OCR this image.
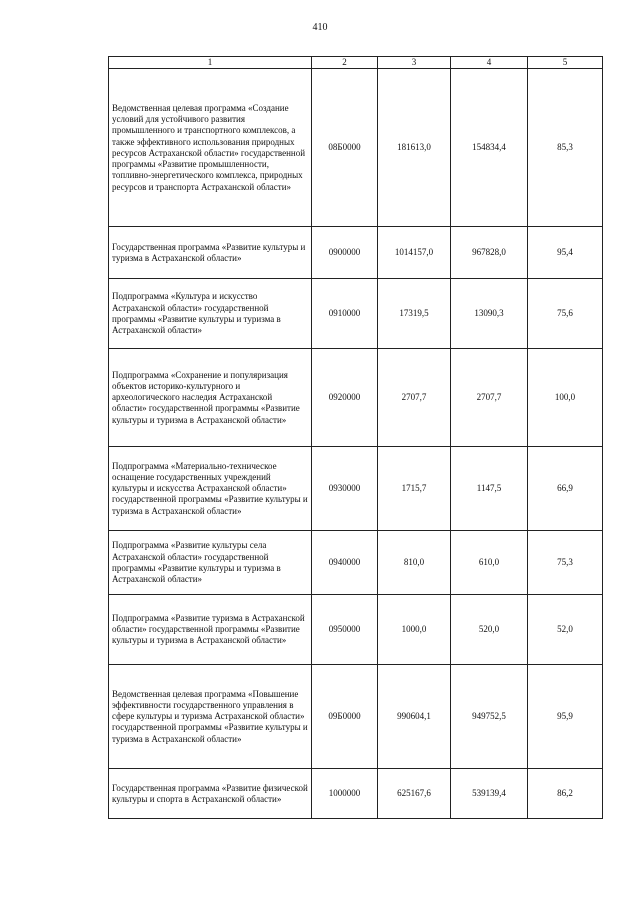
410
1	2	3	4	5
Ведомственная целевая программа «Создание условий для устойчивого развития промышленного и транспортного комплексов, а также эффективного использования природных ресурсов Астраханской области» государственной программы «Развитие промышленности, топливно-энергетического комплекса, природных ресурсов и транспорта Астраханской области»	08Б0000	181613,0	154834,4	85,3
Государственная программа «Развитие культуры и туризма в Астраханской области»	0900000	1014157,0	967828,0	95,4
Подпрограмма «Культура и искусство Астраханской области» государственной программы «Развитие культуры и туризма в Астраханской области»	0910000	17319,5	13090,3	75,6
Подпрограмма «Сохранение и популяризация объектов историко-культурного и археологического наследия Астраханской области» государственной программы «Развитие культуры и туризма в Астраханской области»	0920000	2707,7	2707,7	100,0
Подпрограмма «Материально-техническое оснащение государственных учреждений культуры и искусства Астраханской области» государственной программы «Развитие культуры и туризма в Астраханской области»	0930000	1715,7	1147,5	66,9
Подпрограмма «Развитие культуры села Астраханской области» государственной программы «Развитие культуры и туризма в Астраханской области»	0940000	810,0	610,0	75,3
Подпрограмма «Развитие туризма в Астраханской области» государственной программы «Развитие культуры и туризма в Астраханской области»	0950000	1000,0	520,0	52,0
Ведомственная целевая программа «Повышение эффективности государственного управления в сфере культуры и туризма Астраханской области» государственной программы «Развитие культуры и туризма в Астраханской области»	09Б0000	990604,1	949752,5	95,9
Государственная программа «Развитие физической культуры и спорта в Астраханской области»	1000000	625167,6	539139,4	86,2
